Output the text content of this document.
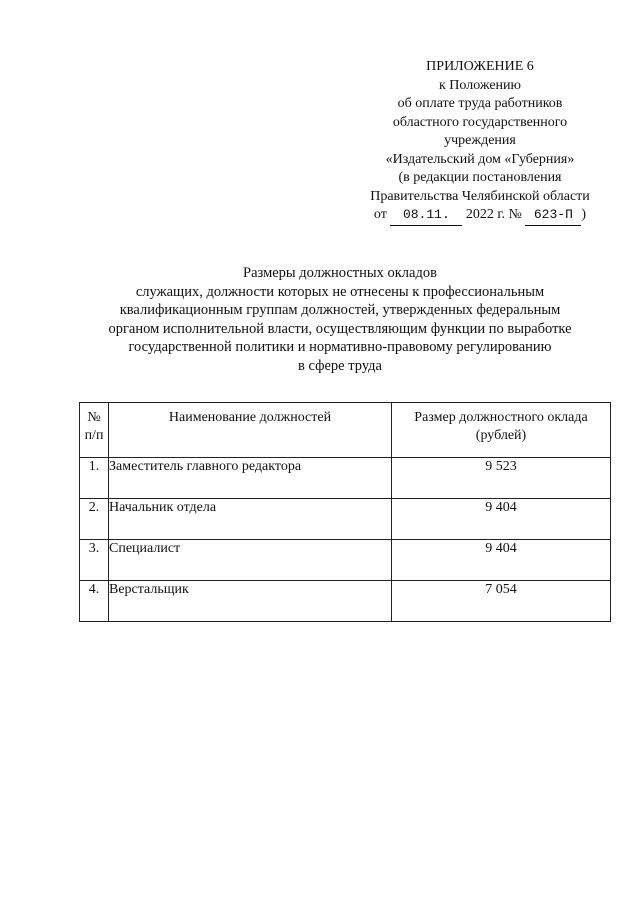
ПРИЛОЖЕНИЕ 6
к Положению
об оплате труда работников
областного государственного
учреждения
«Издательский дом «Губерния»
(в редакции постановления
Правительства Челябинской области
от 08.11. 2022 г. № 623-П )
Размеры должностных окладов
служащих, должности которых не отнесены к профессиональным
квалификационным группам должностей, утвержденных федеральным
органом исполнительной власти, осуществляющим функции по выработке
государственной политики и нормативно-правовому регулированию
в сфере труда
№
п/п	Наименование должностей	Размер должностного оклада
(рублей)
1.	Заместитель главного редактора	9 523
2.	Начальник отдела	9 404
3.	Специалист	9 404
4.	Верстальщик	7 054
